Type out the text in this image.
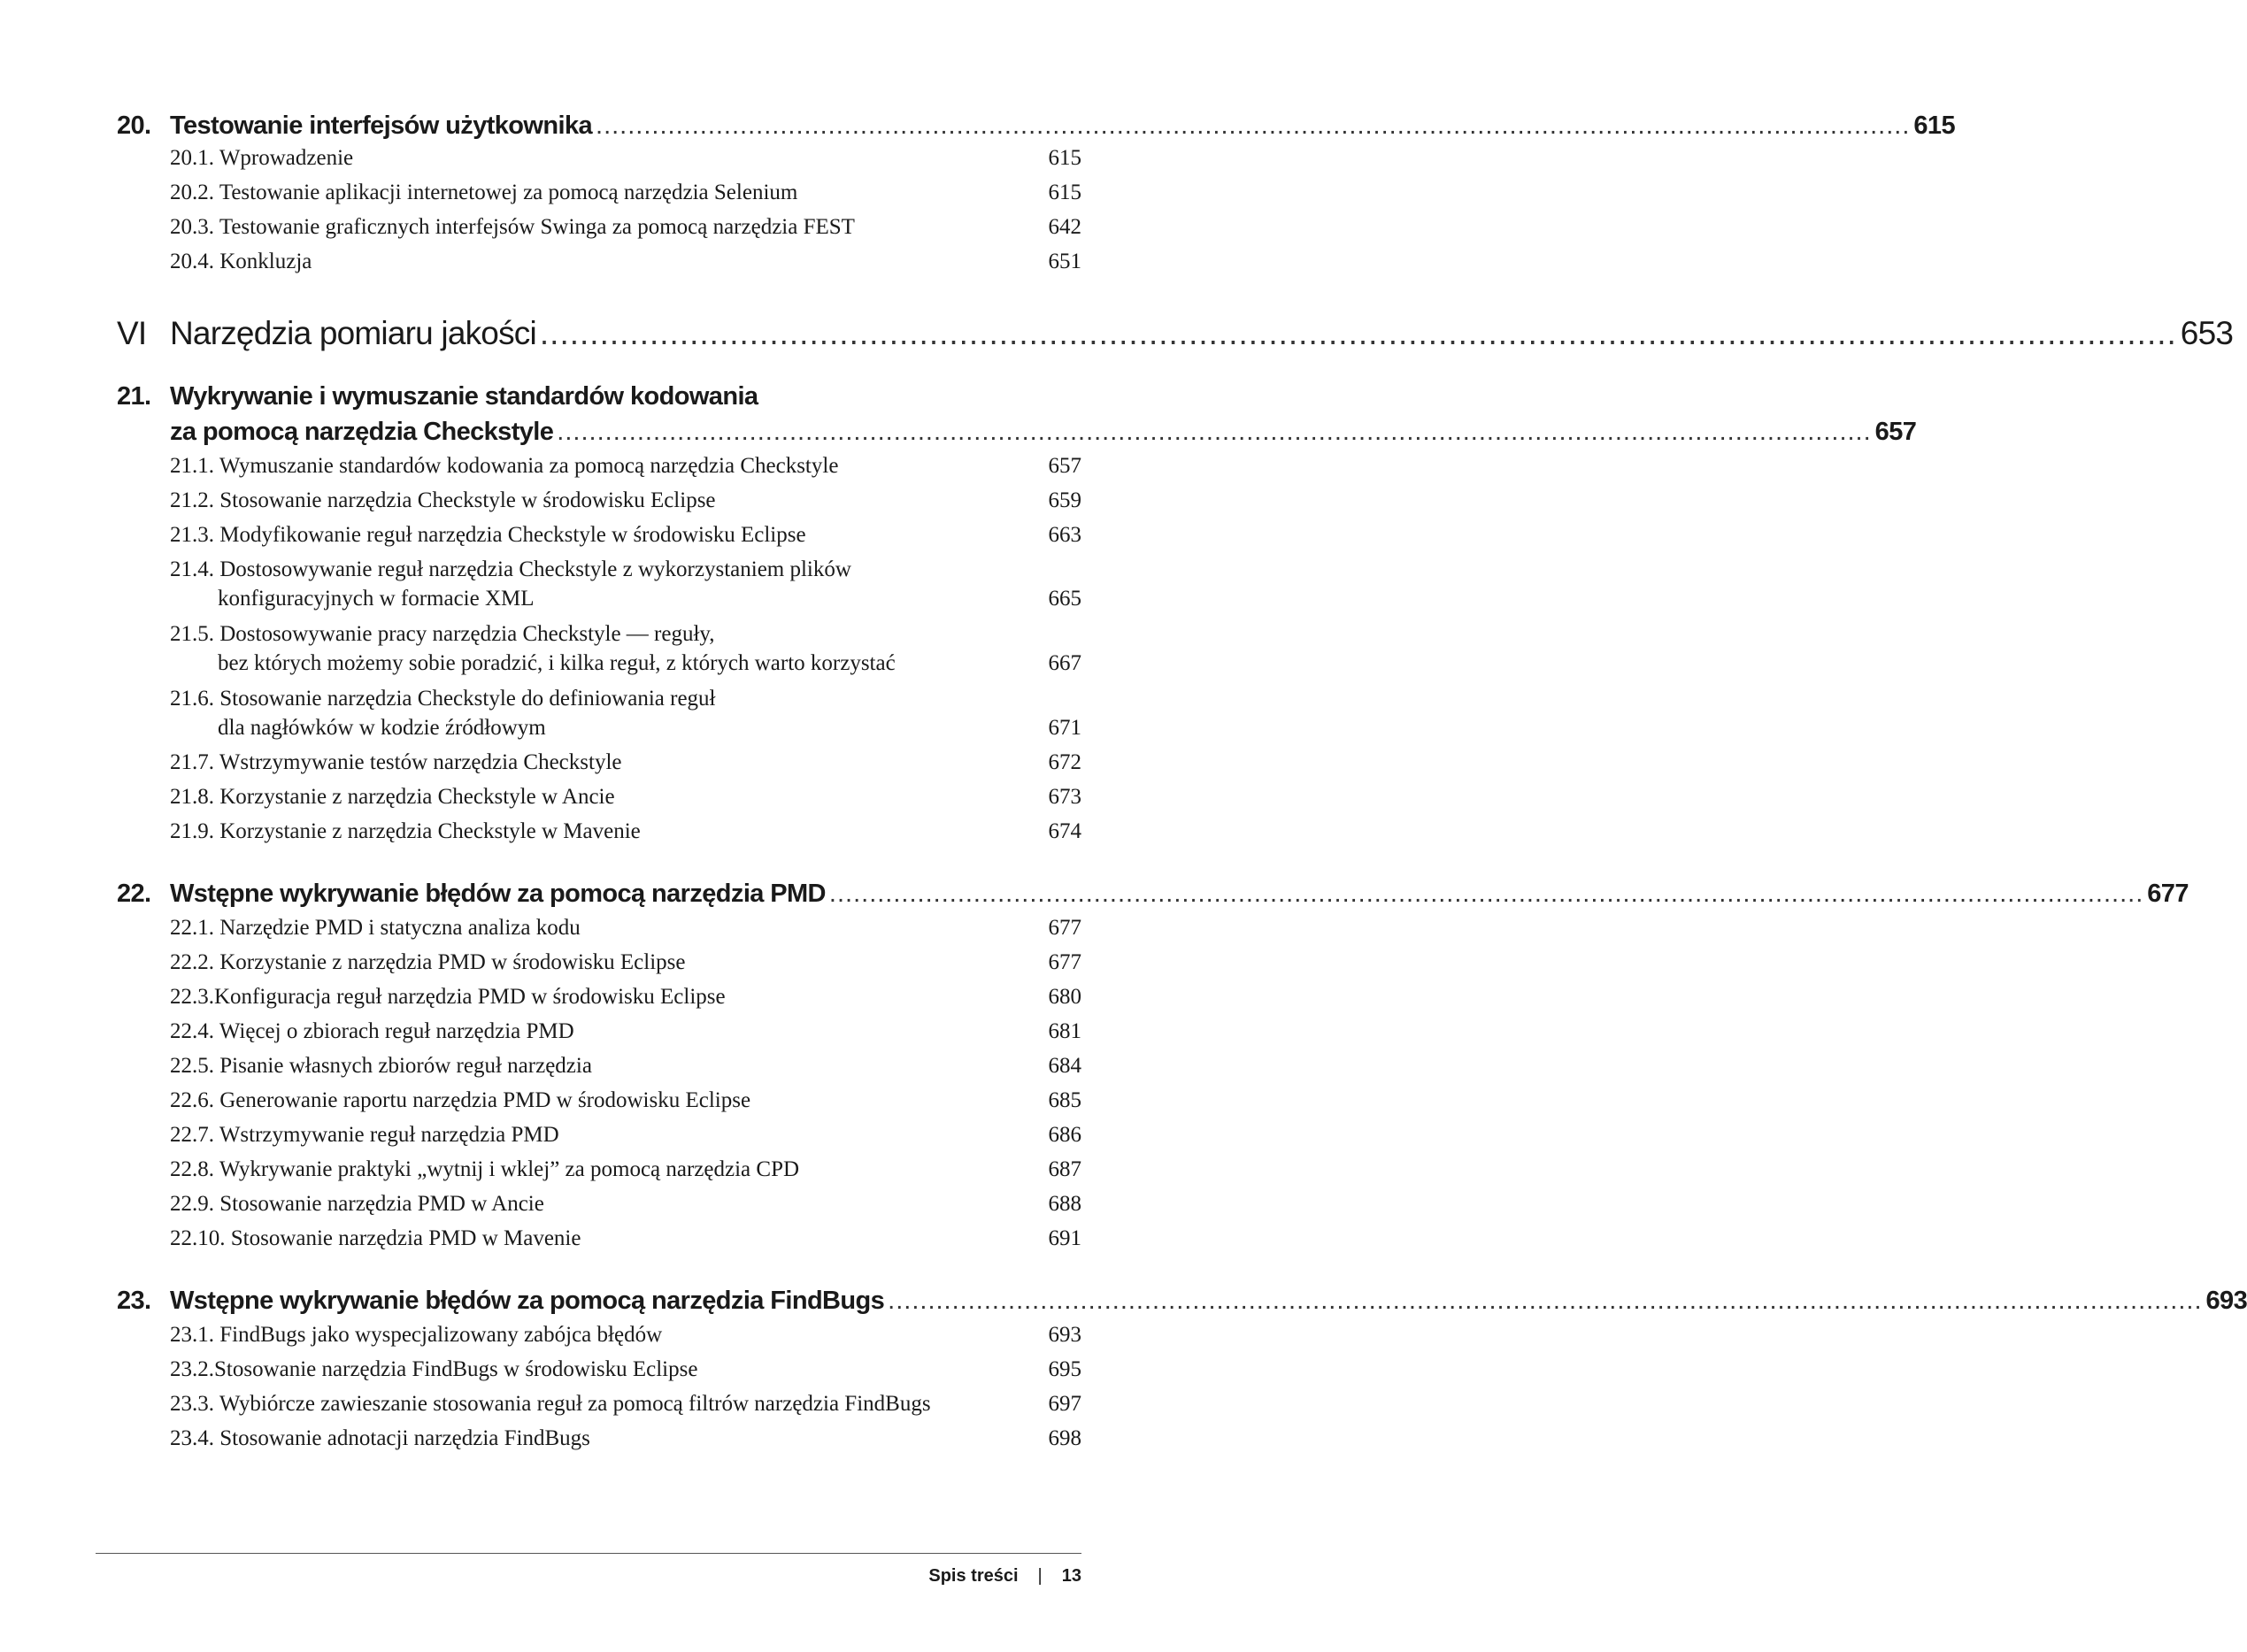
20. Testowanie interfejsów użytkownika .................................................................................................................................................................... 615
20.1. Wprowadzenie	615
20.2. Testowanie aplikacji internetowej za pomocą narzędzia Selenium	615
20.3. Testowanie graficznych interfejsów Swinga za pomocą narzędzia FEST	642
20.4. Konkluzja	651
VI Narzędzia pomiaru jakości .................................................................................................................................................................... 653
21. Wykrywanie i wymuszanie standardów kodowania
za pomocą narzędzia Checkstyle .................................................................................................................................................................... 657
21.1. Wymuszanie standardów kodowania za pomocą narzędzia Checkstyle	657
21.2. Stosowanie narzędzia Checkstyle w środowisku Eclipse	659
21.3. Modyfikowanie reguł narzędzia Checkstyle w środowisku Eclipse	663
21.4. Dostosowywanie reguł narzędzia Checkstyle z wykorzystaniem plików
konfiguracyjnych w formacie XML	665
21.5. Dostosowywanie pracy narzędzia Checkstyle — reguły,
bez których możemy sobie poradzić, i kilka reguł, z których warto korzystać	667
21.6. Stosowanie narzędzia Checkstyle do definiowania reguł
dla nagłówków w kodzie źródłowym	671
21.7. Wstrzymywanie testów narzędzia Checkstyle	672
21.8. Korzystanie z narzędzia Checkstyle w Ancie	673
21.9. Korzystanie z narzędzia Checkstyle w Mavenie	674
22. Wstępne wykrywanie błędów za pomocą narzędzia PMD .................................................................................................................................................................... 677
22.1. Narzędzie PMD i statyczna analiza kodu	677
22.2. Korzystanie z narzędzia PMD w środowisku Eclipse	677
22.3.Konfiguracja reguł narzędzia PMD w środowisku Eclipse	680
22.4. Więcej o zbiorach reguł narzędzia PMD	681
22.5. Pisanie własnych zbiorów reguł narzędzia	684
22.6. Generowanie raportu narzędzia PMD w środowisku Eclipse	685
22.7. Wstrzymywanie reguł narzędzia PMD	686
22.8. Wykrywanie praktyki „wytnij i wklej” za pomocą narzędzia CPD	687
22.9. Stosowanie narzędzia PMD w Ancie	688
22.10. Stosowanie narzędzia PMD w Mavenie	691
23. Wstępne wykrywanie błędów za pomocą narzędzia FindBugs .................................................................................................................................................................... 693
23.1. FindBugs jako wyspecjalizowany zabójca błędów	693
23.2.Stosowanie narzędzia FindBugs w środowisku Eclipse	695
23.3. Wybiórcze zawieszanie stosowania reguł za pomocą filtrów narzędzia FindBugs	697
23.4. Stosowanie adnotacji narzędzia FindBugs	698
Spis treści | 13
